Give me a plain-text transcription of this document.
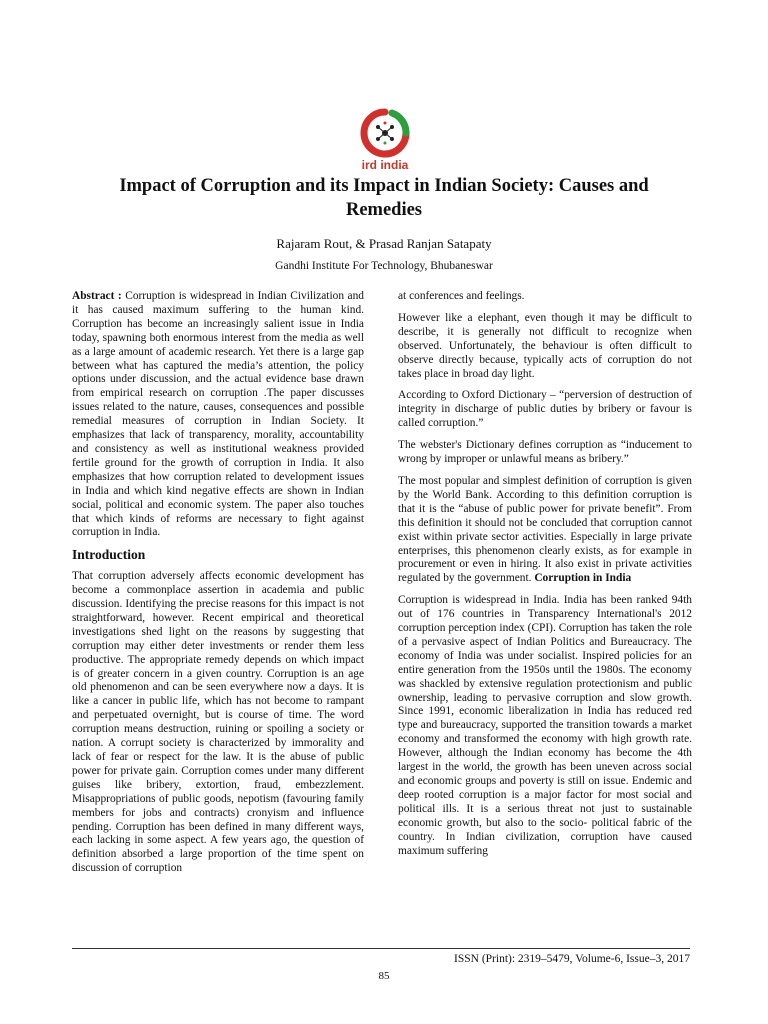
ird india
Impact of Corruption and its Impact in Indian Society: Causes and Remedies
Rajaram Rout, & Prasad Ranjan Satapaty
Gandhi Institute For Technology, Bhubaneswar

Abstract : Corruption is widespread in Indian Civilization and it has caused maximum suffering to the human kind. Corruption has become an increasingly salient issue in India today, spawning both enormous interest from the media as well as a large amount of academic research. Yet there is a large gap between what has captured the media’s attention, the policy options under discussion, and the actual evidence base drawn from empirical research on corruption .The paper discusses issues related to the nature, causes, consequences and possible remedial measures of corruption in Indian Society. It emphasizes that lack of transparency, morality, accountability and consistency as well as institutional weakness provided fertile ground for the growth of corruption in India. It also emphasizes that how corruption related to development issues in India and which kind negative effects are shown in Indian social, political and economic system. The paper also touches that which kinds of reforms are necessary to fight against corruption in India.

Introduction

That corruption adversely affects economic development has become a commonplace assertion in academia and public discussion. Identifying the precise reasons for this impact is not straightforward, however. Recent empirical and theoretical investigations shed light on the reasons by suggesting that corruption may either deter investments or render them less productive. The appropriate remedy depends on which impact is of greater concern in a given country. Corruption is an age old phenomenon and can be seen everywhere now a days. It is like a cancer in public life, which has not become to rampant and perpetuated overnight, but is course of time. The word corruption means destruction, ruining or spoiling a society or nation. A corrupt society is characterized by immorality and lack of fear or respect for the law. It is the abuse of public power for private gain. Corruption comes under many different guises like bribery, extortion, fraud, embezzlement. Misappropriations of public goods, nepotism (favouring family members for jobs and contracts) cronyism and influence pending. Corruption has been defined in many different ways, each lacking in some aspect. A few years ago, the question of definition absorbed a large proportion of the time spent on discussion of corruption

at conferences and feelings.

However like a elephant, even though it may be difficult to describe, it is generally not difficult to recognize when observed. Unfortunately, the behaviour is often difficult to observe directly because, typically acts of corruption do not takes place in broad day light.

According to Oxford Dictionary – “perversion of destruction of integrity in discharge of public duties by bribery or favour is called corruption.”

The webster's Dictionary defines corruption as “inducement to wrong by improper or unlawful means as bribery.”

The most popular and simplest definition of corruption is given by the World Bank. According to this definition corruption is that it is the “abuse of public power for private benefit”. From this definition it should not be concluded that corruption cannot exist within private sector activities. Especially in large private enterprises, this phenomenon clearly exists, as for example in procurement or even in hiring. It also exist in private activities regulated by the government. Corruption in India

Corruption is widespread in India. India has been ranked 94th out of 176 countries in Transparency International's 2012 corruption perception index (CPI). Corruption has taken the role of a pervasive aspect of Indian Politics and Bureaucracy. The economy of India was under socialist. Inspired policies for an entire generation from the 1950s until the 1980s. The economy was shackled by extensive regulation protectionism and public ownership, leading to pervasive corruption and slow growth. Since 1991, economic liberalization in India has reduced red type and bureaucracy, supported the transition towards a market economy and transformed the economy with high growth rate. However, although the Indian economy has become the 4th largest in the world, the growth has been uneven across social and economic groups and poverty is still on issue. Endemic and deep rooted corruption is a major factor for most social and political ills. It is a serious threat not just to sustainable economic growth, but also to the socio- political fabric of the country. In Indian civilization, corruption have caused maximum suffering

ISSN (Print): 2319–5479, Volume-6, Issue–3, 2017
85
